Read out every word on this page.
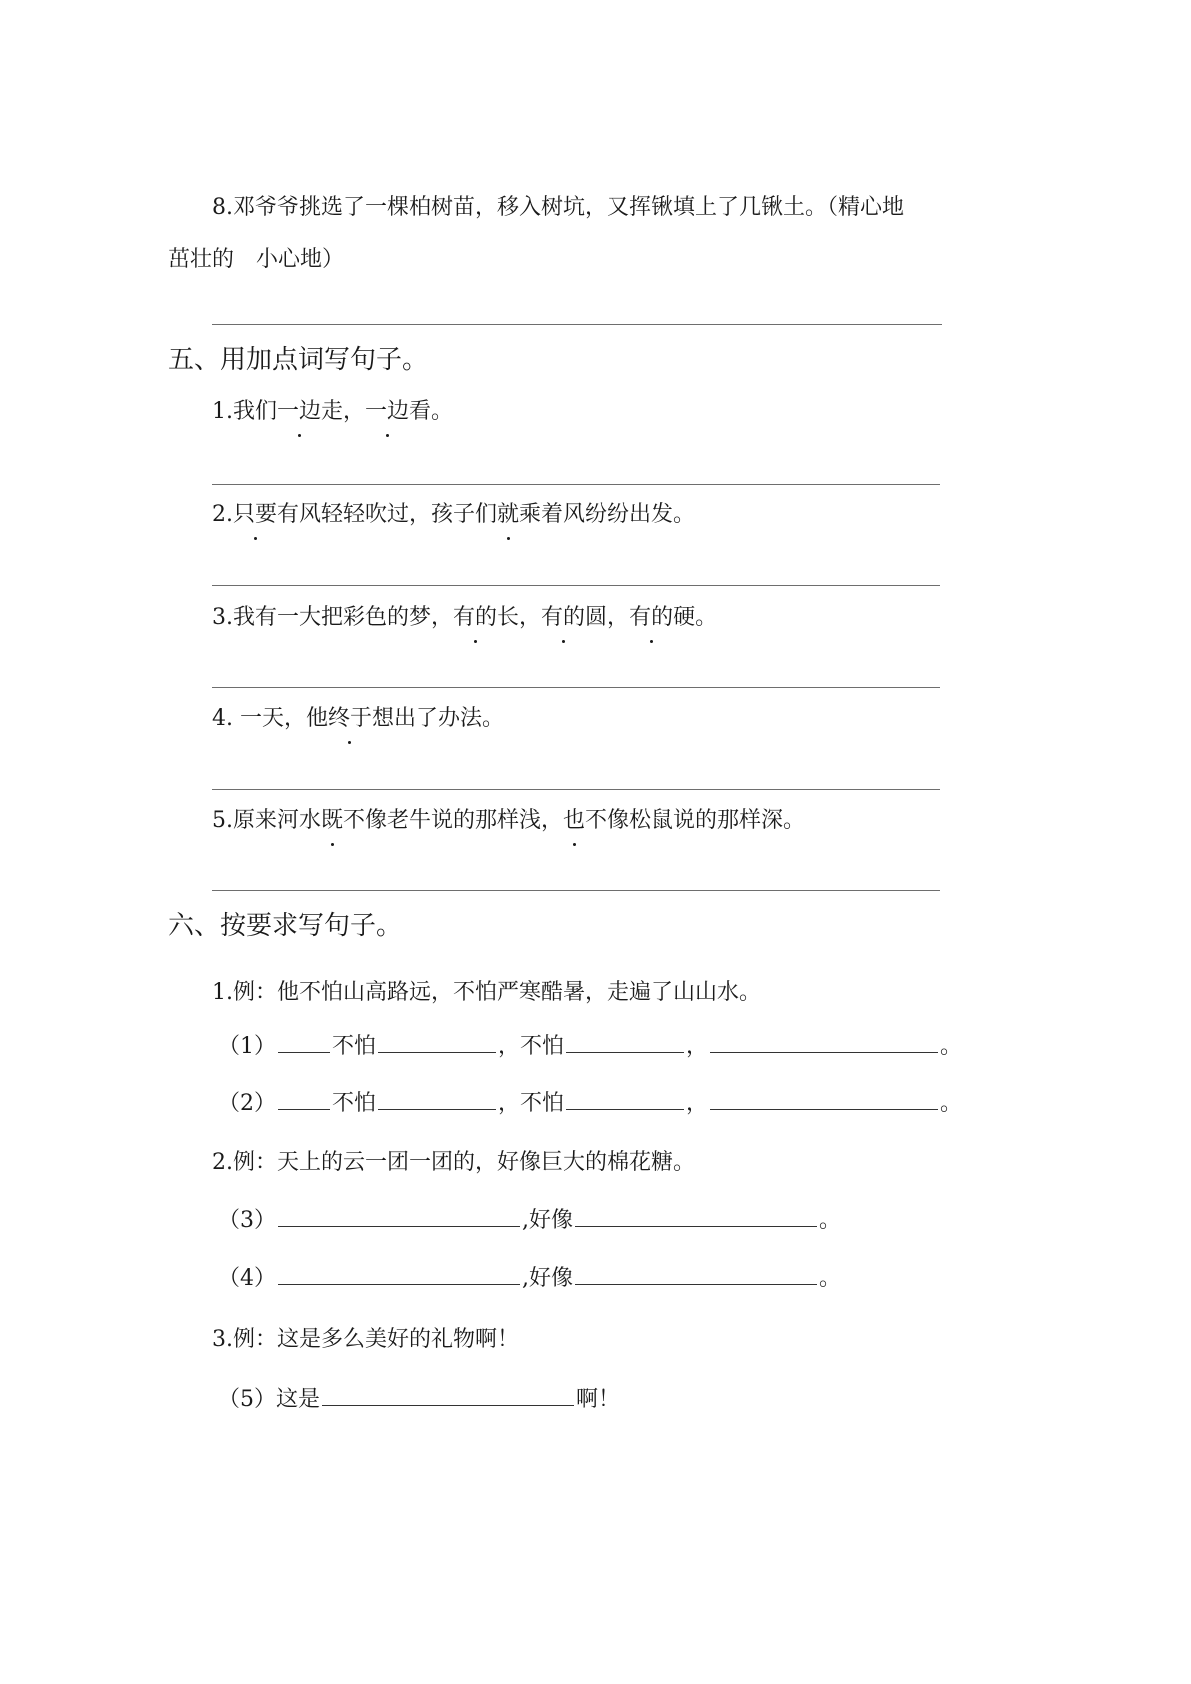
8.邓爷爷挑选了一棵柏树苗，移入树坑，又挥锹填上了几锹土。（精心地
茁壮的　小心地）
五、用加点词写句子。
1.我们一边走，一边看。
2.只要有风轻轻吹过，孩子们就乘着风纷纷出发。
3.我有一大把彩色的梦，有的长，有的圆，有的硬。
4. 一天，他终于想出了办法。
5.原来河水既不像老牛说的那样浅，也不像松鼠说的那样深。
六、按要求写句子。
1.例：他不怕山高路远，不怕严寒酷暑，走遍了山山水。
（1）	不怕	，不怕	，	。
（2）	不怕	，不怕	，	。
2.例：天上的云一团一团的，好像巨大的棉花糖。
（3）	,好像	。
（4）	,好像	。
3.例：这是多么美好的礼物啊！
（5）这是	啊！
